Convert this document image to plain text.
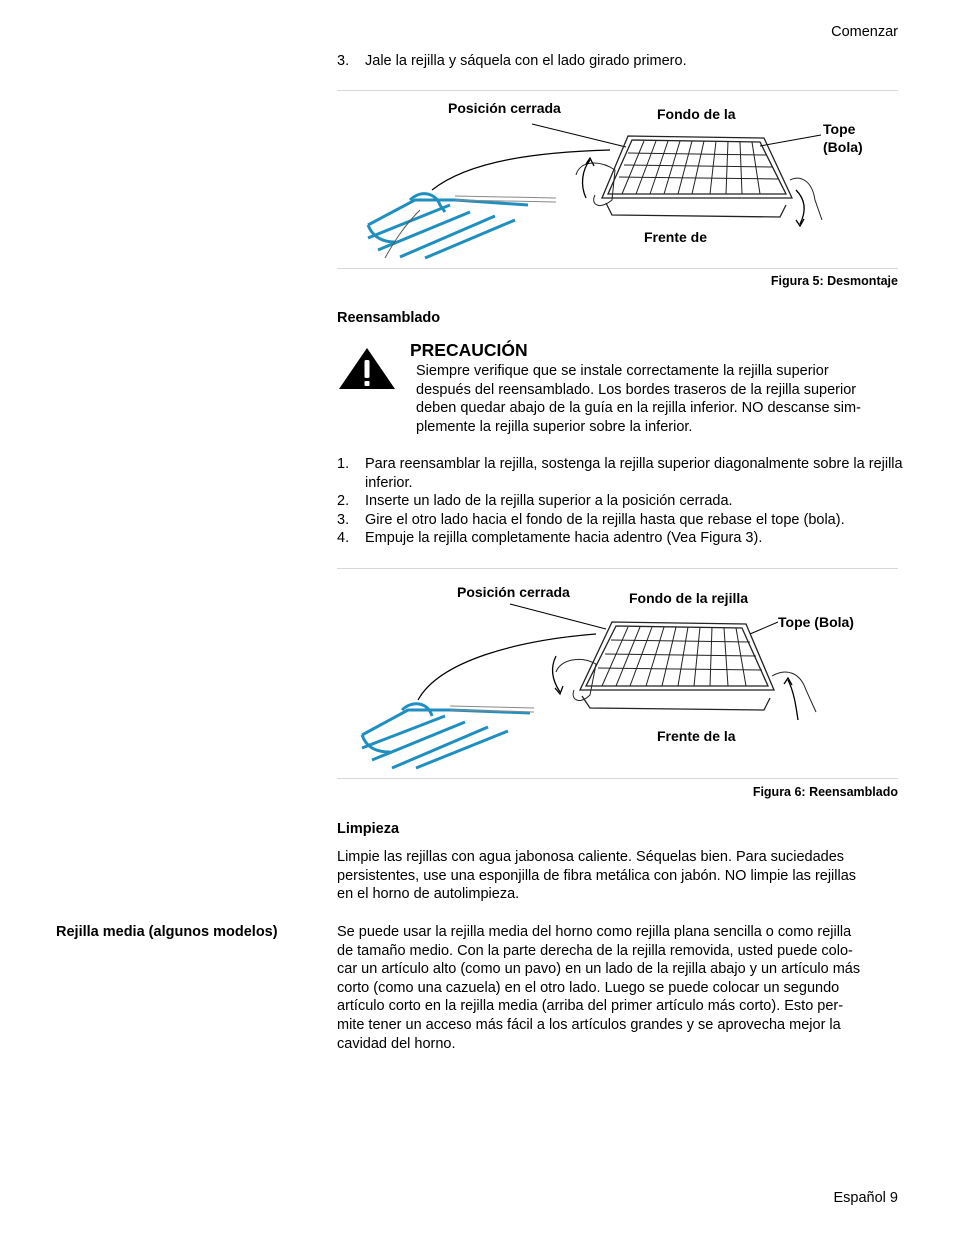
Comenzar
3. Jale la rejilla y sáquela con el lado girado primero.
Posición cerrada	Fondo de la
Tope
(Bola)
Frente de
Figura 5: Desmontaje
Reensamblado
PRECAUCIÓN
Siempre verifique que se instale correctamente la rejilla superior
después del reensamblado. Los bordes traseros de la rejilla superior
deben quedar abajo de la guía en la rejilla inferior. NO descanse sim-
plemente la rejilla superior sobre la inferior.
1. Para reensamblar la rejilla, sostenga la rejilla superior diagonalmente sobre la rejilla inferior.
2. Inserte un lado de la rejilla superior a la posición cerrada.
3. Gire el otro lado hacia el fondo de la rejilla hasta que rebase el tope (bola).
4. Empuje la rejilla completamente hacia adentro (Vea Figura 3).
Posición cerrada	Fondo de la rejilla
Tope (Bola)
Frente de la
Figura 6: Reensamblado
Limpieza
Limpie las rejillas con agua jabonosa caliente. Séquelas bien. Para suciedades
persistentes, use una esponjilla de fibra metálica con jabón. NO limpie las rejillas
en el horno de autolimpieza.
Rejilla media (algunos modelos)	Se puede usar la rejilla media del horno como rejilla plana sencilla o como rejilla
de tamaño medio. Con la parte derecha de la rejilla removida, usted puede colo-
car un artículo alto (como un pavo) en un lado de la rejilla abajo y un artículo más
corto (como una cazuela) en el otro lado. Luego se puede colocar un segundo
artículo corto en la rejilla media (arriba del primer artículo más corto). Esto per-
mite tener un acceso más fácil a los artículos grandes y se aprovecha mejor la
cavidad del horno.
Español 9
